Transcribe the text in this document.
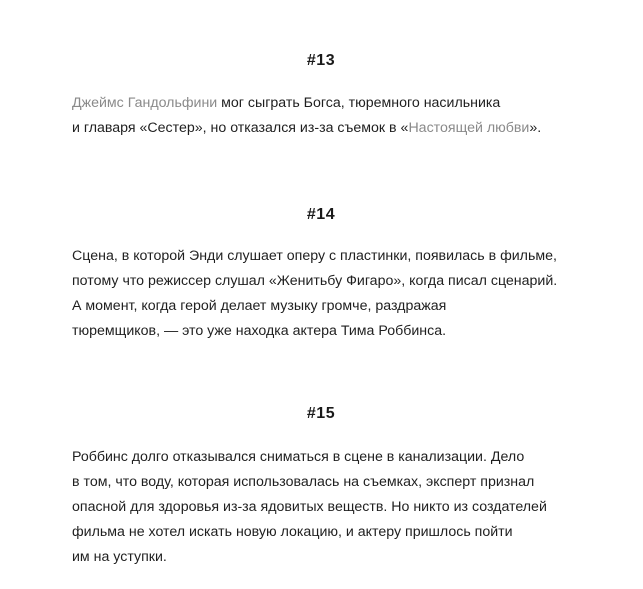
#13
Джеймс Гандольфини мог сыграть Богса, тюремного насильника
и главаря «Сестер», но отказался из-за съемок в «Настоящей любви».
#14
Сцена, в которой Энди слушает оперу с пластинки, появилась в фильме,
потому что режиссер слушал «Женитьбу Фигаро», когда писал сценарий.
А момент, когда герой делает музыку громче, раздражая
тюремщиков, — это уже находка актера Тима Роббинса.
#15
Роббинс долго отказывался сниматься в сцене в канализации. Дело
в том, что воду, которая использовалась на съемках, эксперт признал
опасной для здоровья из-за ядовитых веществ. Но никто из создателей
фильма не хотел искать новую локацию, и актеру пришлось пойти
им на уступки.
